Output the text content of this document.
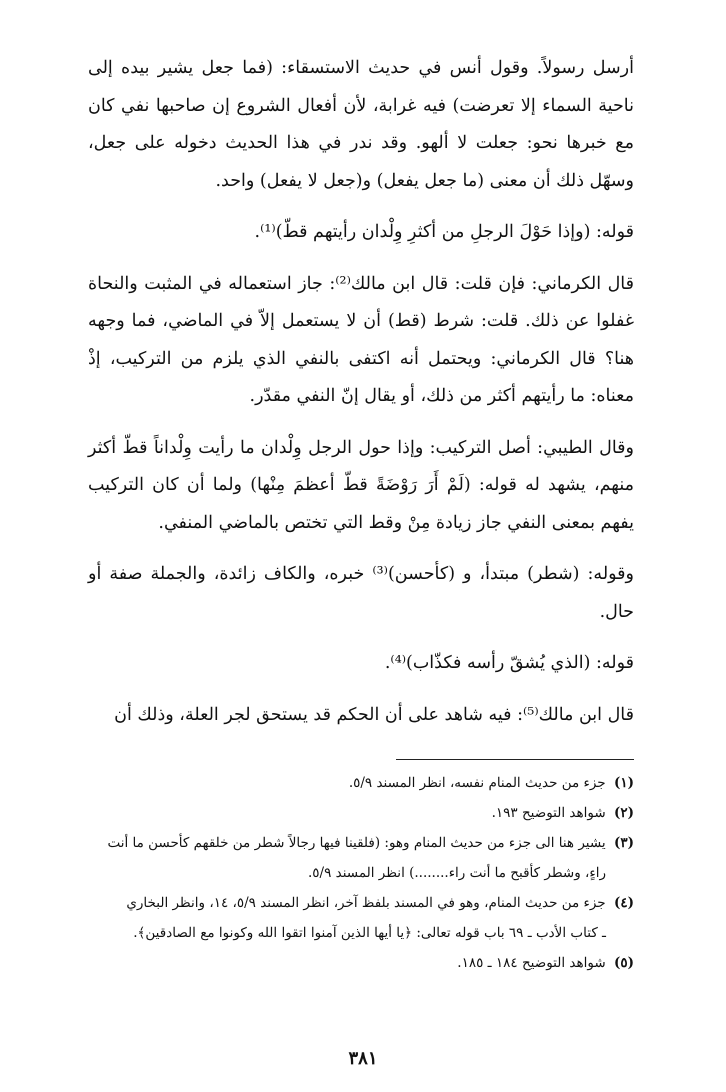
أرسل رسولاً. وقول أنس في حديث الاستسقاء: (فما جعل يشير بيده إلى ناحية السماء إلا تعرضت) فيه غرابة، لأن أفعال الشروع إن صاحبها نفي كان مع خبرها نحو: جعلت لا ألهو. وقد ندر في هذا الحديث دخوله على جعل، وسهّل ذلك أن معنى (ما جعل يفعل) و(جعل لا يفعل) واحد.

قوله: (وإذا حَوْلَ الرجلِ من أكثرِ وِلْدان رأيتهم قطّ)⁽¹⁾.

قال الكرماني: فإن قلت: قال ابن مالك⁽²⁾: جاز استعماله في المثبت والنحاة غفلوا عن ذلك. قلت: شرط (قط) أن لا يستعمل إلاّ في الماضي، فما وجهه هنا؟ قال الكرماني: ويحتمل أنه اكتفى بالنفي الذي يلزم من التركيب، إذْ معناه: ما رأيتهم أكثر من ذلك، أو يقال إنّ النفي مقدّر.

وقال الطيبي: أصل التركيب: وإذا حول الرجل وِلْدان ما رأيت وِلْداناً قطّ أكثر منهم، يشهد له قوله: (لَمْ أَرَ رَوْضَةً قطّ أعظمَ مِنْها) ولما أن كان التركيب يفهم بمعنى النفي جاز زيادة مِنْ وقط التي تختص بالماضي المنفي.

وقوله: (شطر) مبتدأ، و (كأحسن)⁽³⁾ خبره، والكاف زائدة، والجملة صفة أو حال.

قوله: (الذي يُشقّ رأسه فكذّاب)⁽⁴⁾.

قال ابن مالك⁽⁵⁾: فيه شاهد على أن الحكم قد يستحق لجر العلة، وذلك أن

(١) جزء من حديث المنام نفسه، انظر المسند ٥/٩.

(٢) شواهد التوضيح ١٩٣.

(٣) يشير هنا الى جزء من حديث المنام وهو: (فلقينا فيها رجالاً شطر من خلقهم كأحسن ما أنت
راءٍ، وشطر كأقبح ما أنت راء........) انظر المسند ٥/٩.

(٤) جزء من حديث المنام، وهو في المسند بلفظ آخر، انظر المسند ٥/٩، ١٤، وانظر البخاري
ـ كتاب الأدب ـ ٦٩ باب قوله تعالى: ﴿يا أيها الذين آمنوا اتقوا الله وكونوا مع الصادقين﴾.

(٥) شواهد التوضيح ١٨٤ ـ ١٨٥.

٣٨١
